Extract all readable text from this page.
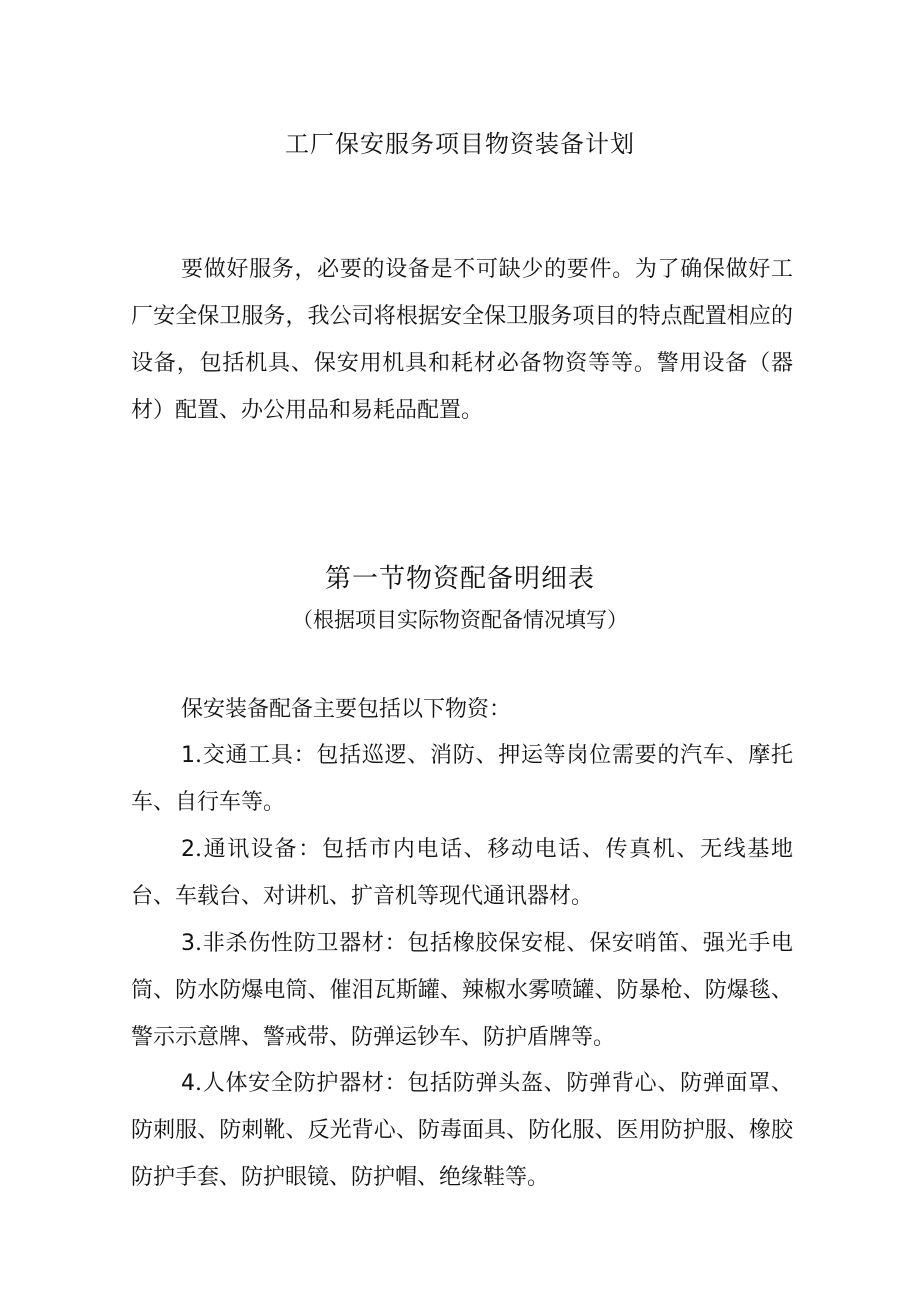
工厂保安服务项目物资装备计划

要做好服务，必要的设备是不可缺少的要件。为了确保做好工厂安全保卫服务，我公司将根据安全保卫服务项目的特点配置相应的设备，包括机具、保安用机具和耗材必备物资等等。警用设备（器材）配置、办公用品和易耗品配置。

第一节物资配备明细表
（根据项目实际物资配备情况填写）

保安装备配备主要包括以下物资：

1.交通工具：包括巡逻、消防、押运等岗位需要的汽车、摩托车、自行车等。

2.通讯设备：包括市内电话、移动电话、传真机、无线基地台、车载台、对讲机、扩音机等现代通讯器材。

3.非杀伤性防卫器材：包括橡胶保安棍、保安哨笛、强光手电筒、防水防爆电筒、催泪瓦斯罐、辣椒水雾喷罐、防暴枪、防爆毯、警示示意牌、警戒带、防弹运钞车、防护盾牌等。

4.人体安全防护器材：包括防弹头盔、防弹背心、防弹面罩、防刺服、防刺靴、反光背心、防毒面具、防化服、医用防护服、橡胶防护手套、防护眼镜、防护帽、绝缘鞋等。
